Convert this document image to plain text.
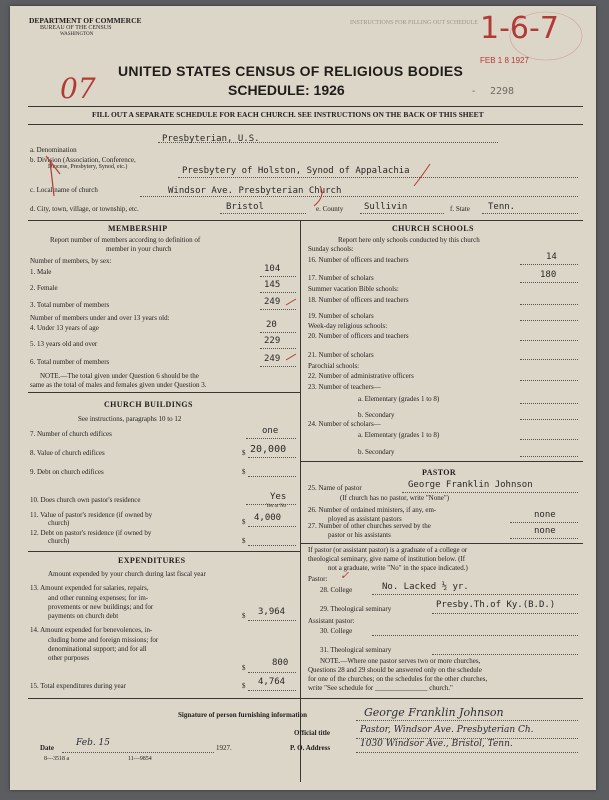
DEPARTMENT OF COMMERCE
BUREAU OF THE CENSUS
WASHINGTON
INSTRUCTIONS FOR FILLING OUT SCHEDULE 1-6-7
FEB 1 8 1927
UNITED STATES CENSUS OF RELIGIOUS BODIES
SCHEDULE: 1926
07	- 2298
FILL OUT A SEPARATE SCHEDULE FOR EACH CHURCH. SEE INSTRUCTIONS ON THE BACK OF THIS SHEET
a. Denomination
Presbyterian, U.S.
b. Division (Association, Conference,
Diocese, Presbytery, Synod, etc.)	Presbytery of Holston, Synod of Appalachia
c. Local name of church	Windsor Ave. Presbyterian Church
d. City, town, village, or township, etc.	Bristol	e. County Sullivin	f. State Tenn.
MEMBERSHIP
Report number of members according to definition of
member in your church
Number of members, by sex:
1. Male	104
2. Female	145
3. Total number of members	249
Number of members under and over 13 years old:
4. Under 13 years of age	20
5. 13 years old and over	229
6. Total number of members	249
NOTE.—The total given under Question 6 should be the
same as the total of males and females given under Question 3.
CHURCH BUILDINGS
See instructions, paragraphs 10 to 12
7. Number of church edifices	one
8. Value of church edifices	$ 20,000
9. Debt on church edifices	$
10. Does church own pastor's residence	Yes
Yes or No
11. Value of pastor's residence (if owned by
church)	$ 4,000
12. Debt on pastor's residence (if owned by
church)	$
EXPENDITURES
Amount expended by your church during last fiscal year
13. Amount expended for salaries, repairs,
and other running expenses; for im-
provements or new buildings; and for
payments on church debt	$ 3,964
14. Amount expended for benevolences, in-
cluding home and foreign missions; for
denominational support; and for all
other purposes
$	800
15. Total expenditures during year	$ 4,764
CHURCH SCHOOLS
Report here only schools conducted by this church
Sunday schools:
16. Number of officers and teachers	14
17. Number of scholars	180
Summer vacation Bible schools:
18. Number of officers and teachers
19. Number of scholars
Week-day religious schools:
20. Number of officers and teachers
21. Number of scholars
Parochial schools:
22. Number of administrative officers
23. Number of teachers—
a. Elementary (grades 1 to 8)
b. Secondary
24. Number of scholars—
a. Elementary (grades 1 to 8)
b. Secondary
PASTOR
25. Name of pastor	George Franklin Johnson
(If church has no pastor, write "None")
26. Number of ordained ministers, if any, em-
ployed as assistant pastors	none
27. Number of other churches served by the
pastor or his assistants	none
If pastor (or assistant pastor) is a graduate of a college or
theological seminary, give name of institution below. (If
not a graduate, write "No" in the space indicated.)
Pastor: ✓
28. College	No. Lacked ½ yr.
29. Theological seminary	Presby.Th.of Ky.(B.D.)
Assistant pastor:
30. College
31. Theological seminary
NOTE.—Where one pastor serves two or more churches,
Questions 28 and 29 should be answered only on the schedule
for one of the churches; on the schedules for the other churches,
write "See schedule for _______________ church."
Signature of person furnishing information	George Franklin Johnson
Official title	Pastor, Windsor Ave. Presbyterian Ch.
Date Feb. 15	1927.	P. O. Address	1030 Windsor Ave., Bristol, Tenn.
8—3518 a	11—9854
